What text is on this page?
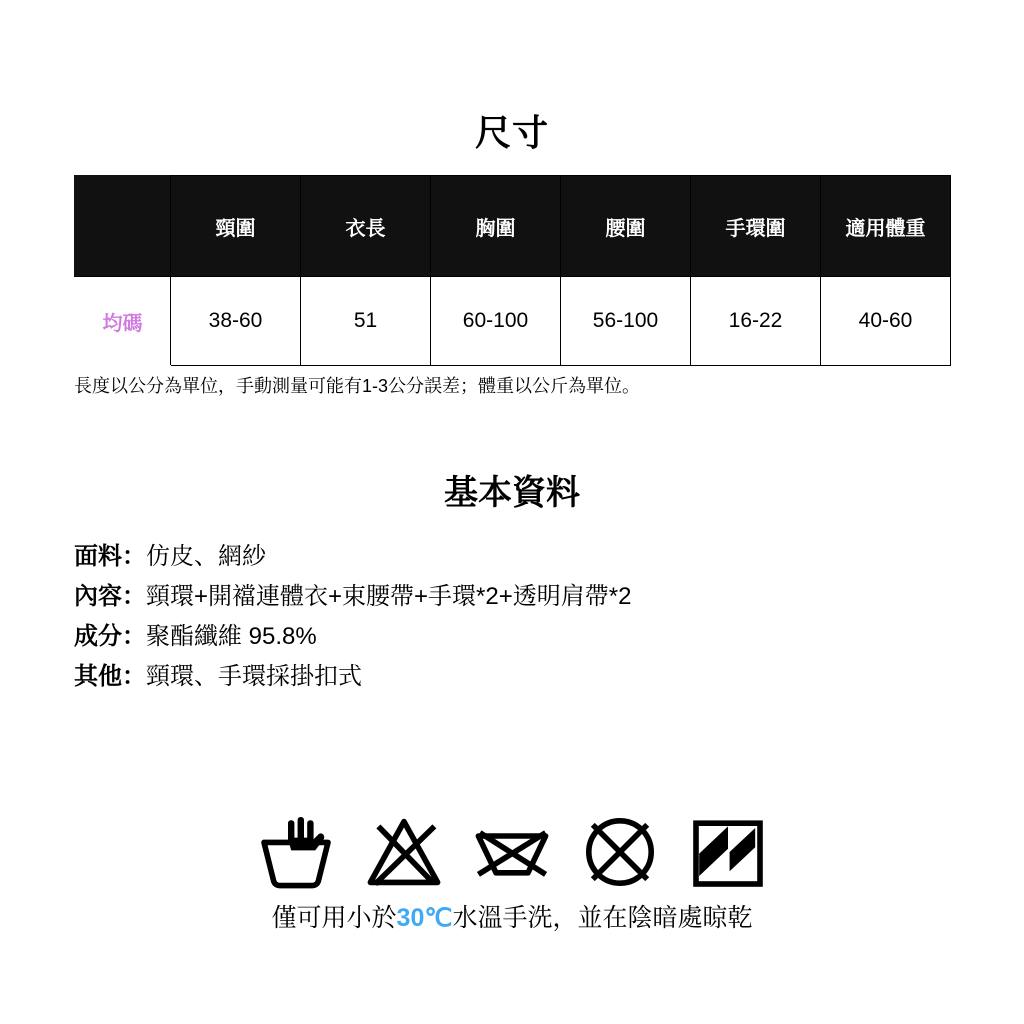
尺寸
	頸圍	衣長	胸圍	腰圍	手環圍	適用體重
均碼	38-60	51	60-100	56-100	16-22	40-60
長度以公分為單位，手動測量可能有1-3公分誤差；體重以公斤為單位。
基本資料
面料： 仿皮、網紗
內容： 頸環+開襠連體衣+束腰帶+手環*2+透明肩帶*2
成分： 聚酯纖維 95.8%
其他： 頸環、手環採掛扣式
僅可用小於30℃水溫手洗，並在陰暗處晾乾
